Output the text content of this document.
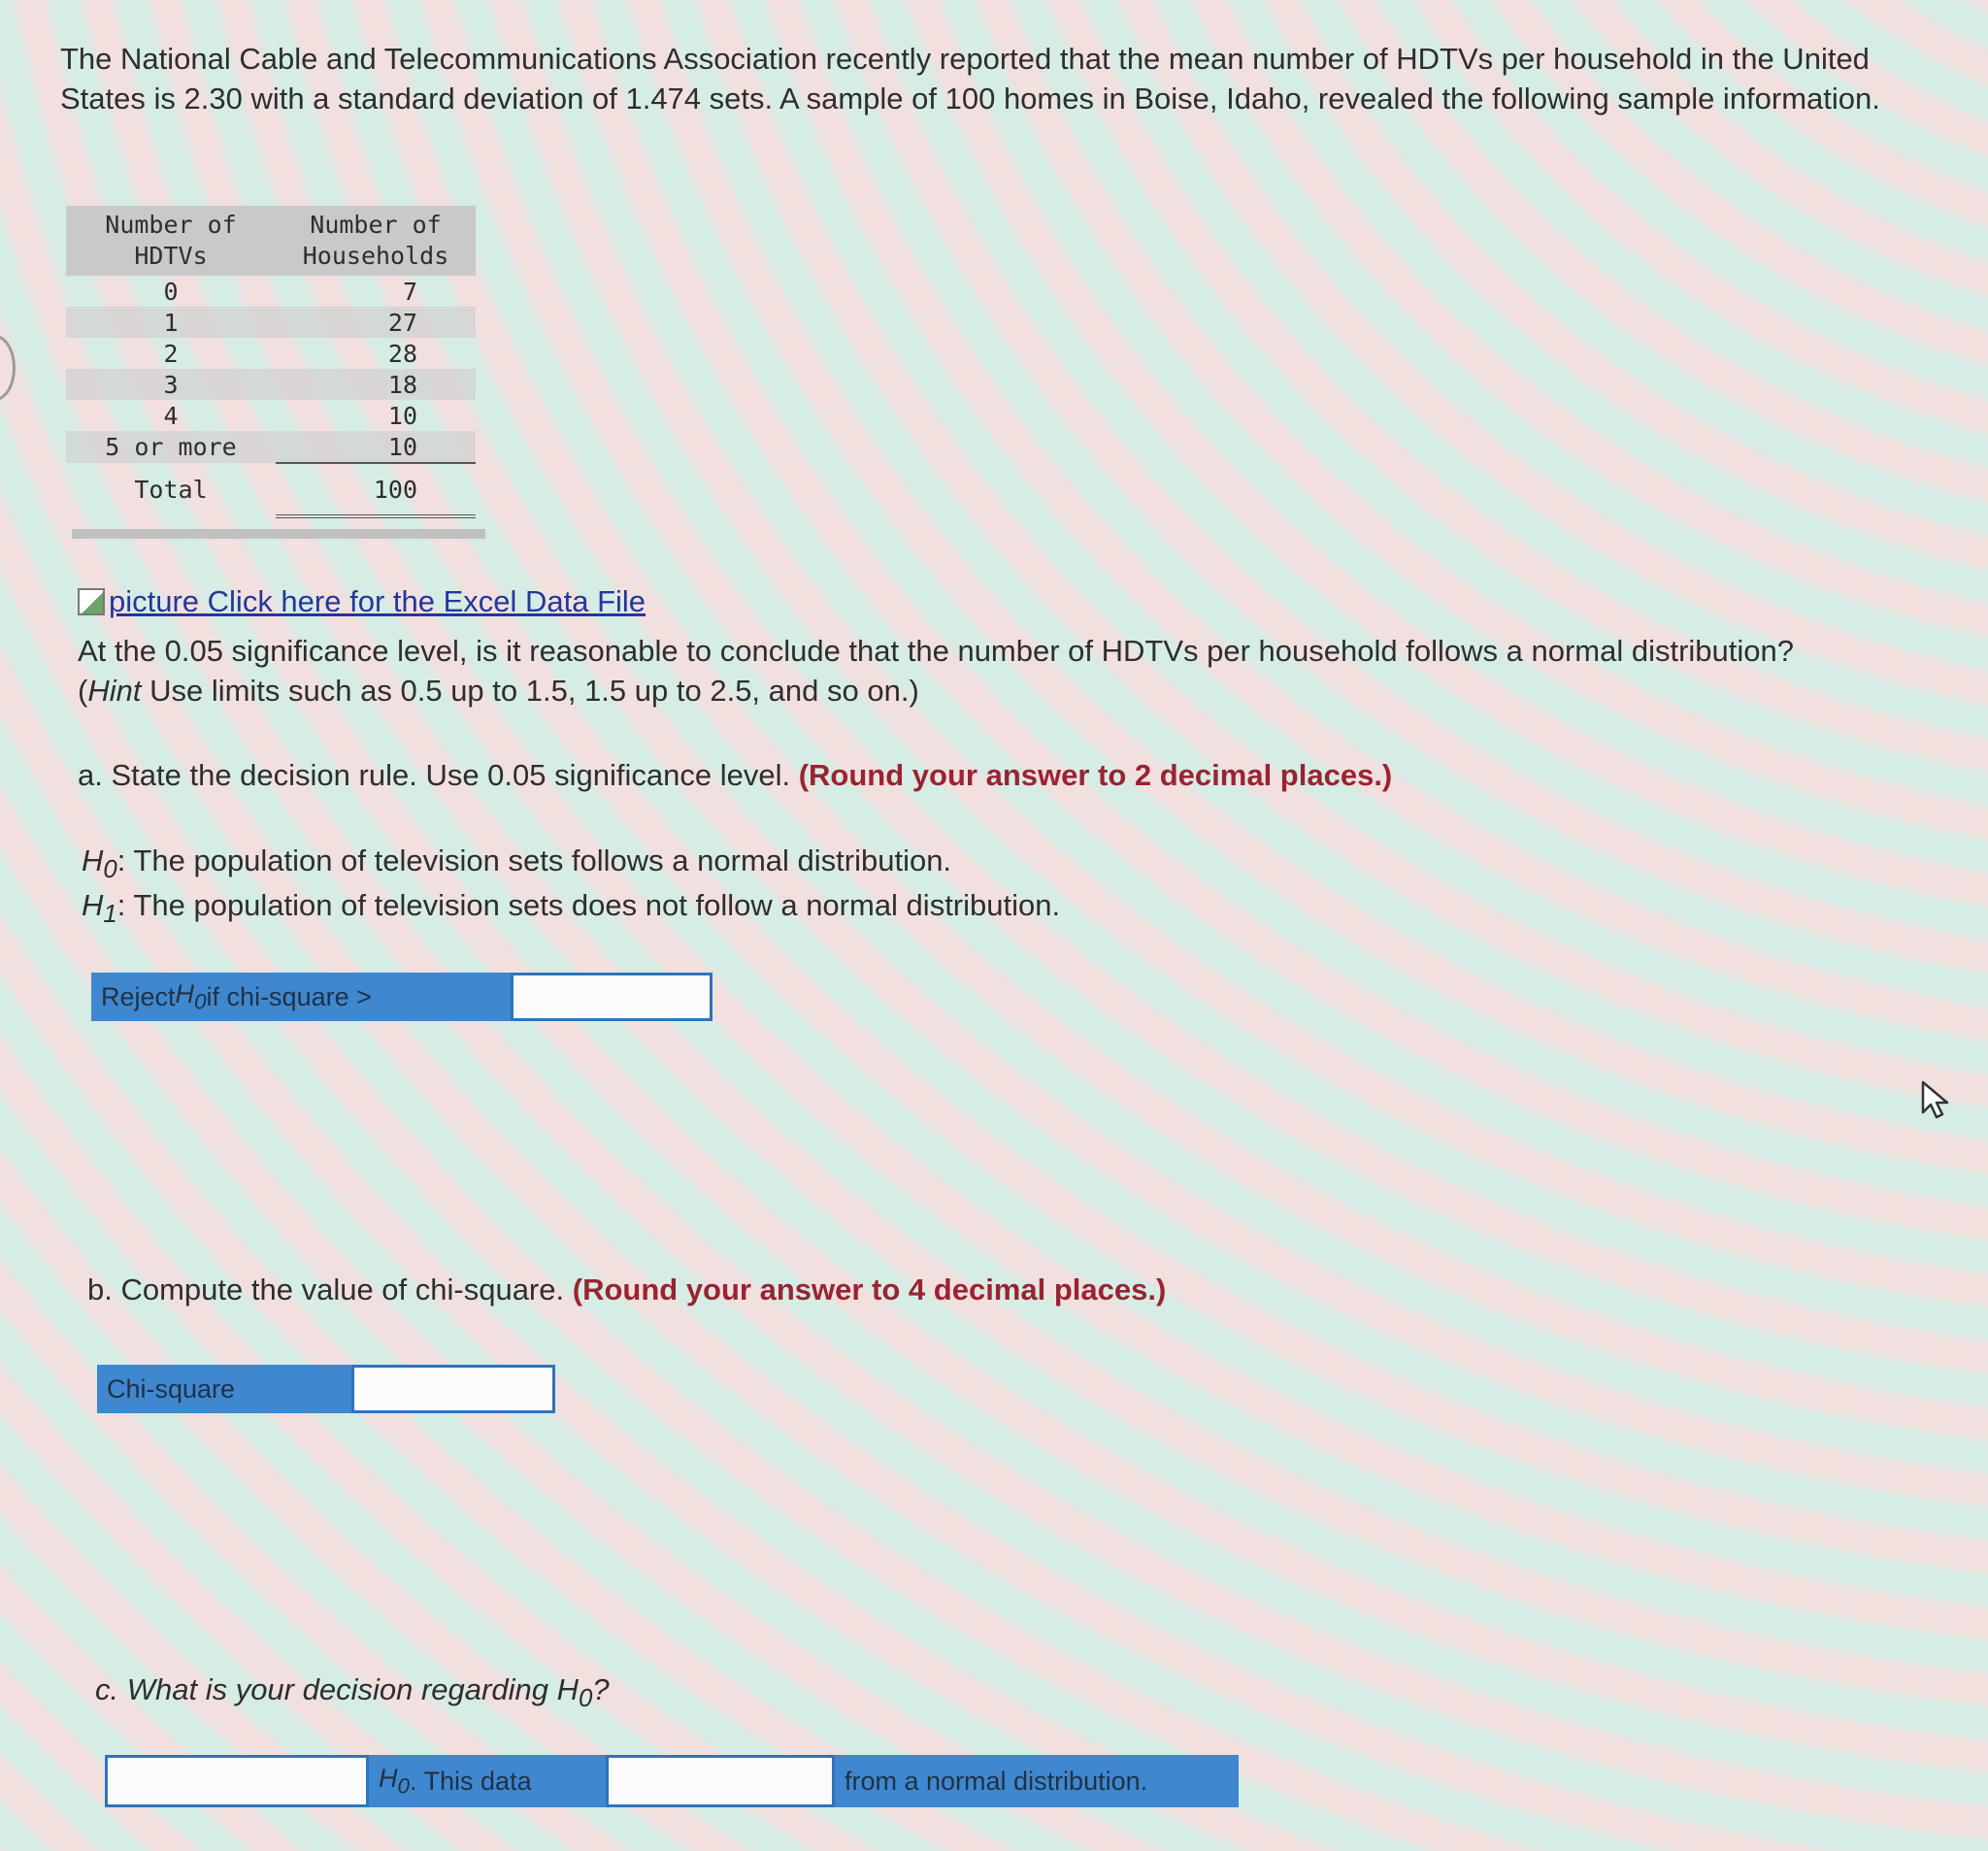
The National Cable and Telecommunications Association recently reported that the mean number of HDTVs per household in the United States is 2.30 with a standard deviation of 1.474 sets. A sample of 100 homes in Boise, Idaho, revealed the following sample information.

Number of HDTVs	Number of Households
0	7
1	27
2	28
3	18
4	10
5 or more	10
Total	100
picture Click here for the Excel Data File
At the 0.05 significance level, is it reasonable to conclude that the number of HDTVs per household follows a normal distribution?
(Hint Use limits such as 0.5 up to 1.5, 1.5 up to 2.5, and so on.)
a. State the decision rule. Use 0.05 significance level. (Round your answer to 2 decimal places.)
$H_0$: The population of television sets follows a normal distribution.
$H_1$: The population of television sets does not follow a normal distribution.
Reject $H_0$ if chi-square >
b. Compute the value of chi-square. (Round your answer to 4 decimal places.)
Chi-square
c. What is your decision regarding $H_0$?
$H_0$ . This data	from a normal distribution.
